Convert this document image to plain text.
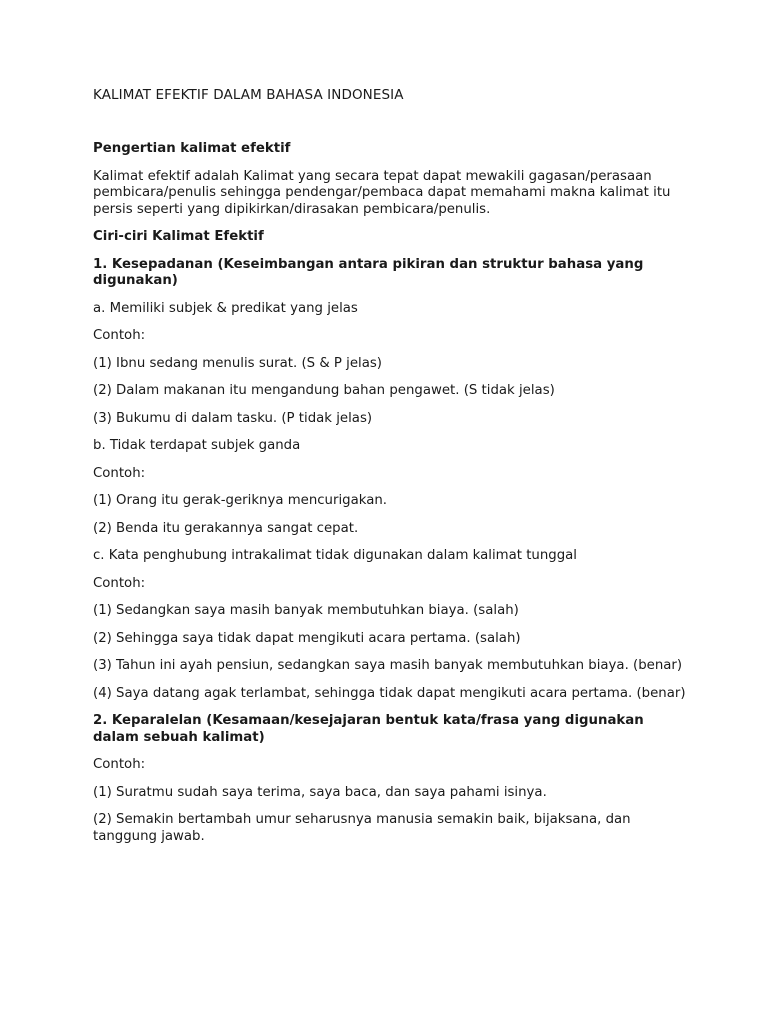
KALIMAT EFEKTIF DALAM BAHASA INDONESIA

Pengertian kalimat efektif

Kalimat efektif adalah Kalimat yang secara tepat dapat mewakili gagasan/perasaan pembicara/penulis sehingga pendengar/pembaca dapat memahami makna kalimat itu persis seperti yang dipikirkan/dirasakan pembicara/penulis.

Ciri-ciri Kalimat Efektif

1. Kesepadanan (Keseimbangan antara pikiran dan struktur bahasa yang digunakan)

a. Memiliki subjek & predikat yang jelas

Contoh:

(1) Ibnu sedang menulis surat. (S & P jelas)

(2) Dalam makanan itu mengandung bahan pengawet. (S tidak jelas)

(3) Bukumu di dalam tasku. (P tidak jelas)

b. Tidak terdapat subjek ganda

Contoh:

(1) Orang itu gerak-geriknya mencurigakan.

(2) Benda itu gerakannya sangat cepat.

c. Kata penghubung intrakalimat tidak digunakan dalam kalimat tunggal

Contoh:

(1) Sedangkan saya masih banyak membutuhkan biaya. (salah)

(2) Sehingga saya tidak dapat mengikuti acara pertama. (salah)

(3) Tahun ini ayah pensiun, sedangkan saya masih banyak membutuhkan biaya. (benar)

(4) Saya datang agak terlambat, sehingga tidak dapat mengikuti acara pertama. (benar)

2. Keparalelan (Kesamaan/kesejajaran bentuk kata/frasa yang digunakan dalam sebuah kalimat)

Contoh:

(1) Suratmu sudah saya terima, saya baca, dan saya pahami isinya.

(2) Semakin bertambah umur seharusnya manusia semakin baik, bijaksana, dan tanggung jawab.
